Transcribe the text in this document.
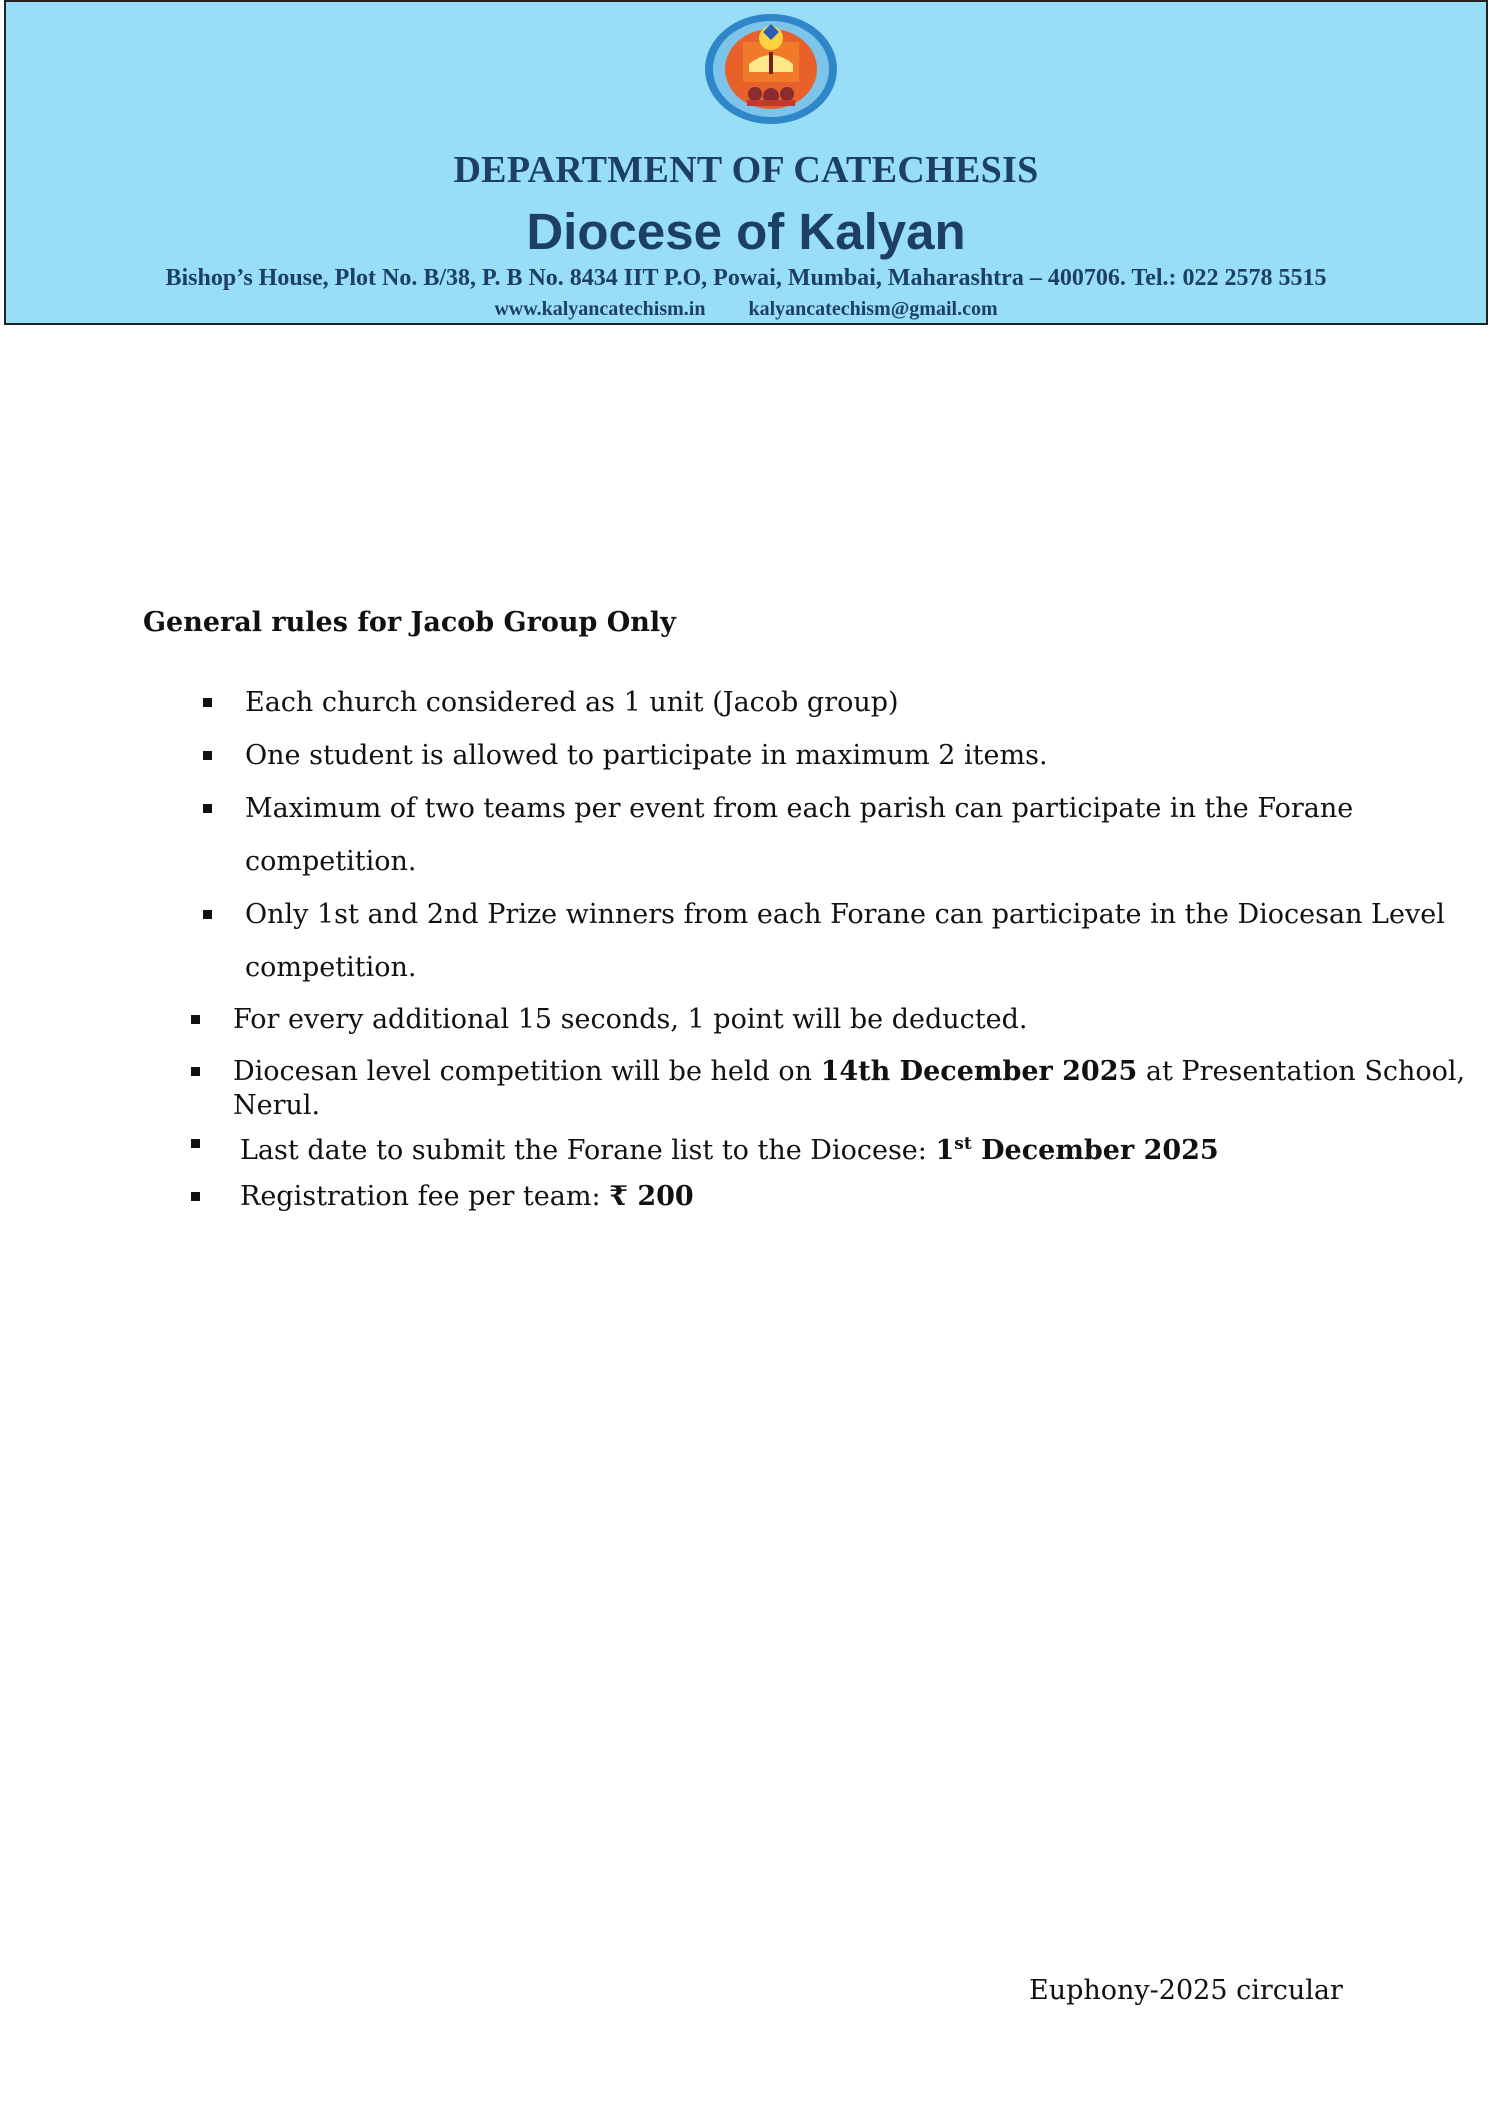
DEPARTMENT OF CATECHESIS
Diocese of Kalyan
Bishop’s House, Plot No. B/38, P. B No. 8434 IIT P.O, Powai, Mumbai, Maharashtra – 400706. Tel.: 022 2578 5515
www.kalyancatechism.in kalyancatechism@gmail.com
General rules for Jacob Group Only
Each church considered as 1 unit (Jacob group)
One student is allowed to participate in maximum 2 items.
Maximum of two teams per event from each parish can participate in the Forane
competition.
Only 1st and 2nd Prize winners from each Forane can participate in the Diocesan Level
competition.
For every additional 15 seconds, 1 point will be deducted.
Diocesan level competition will be held on 14th December 2025 at Presentation School,
Nerul.
Last date to submit the Forane list to the Diocese: 1st December 2025
Registration fee per team: ₹ 200
Euphony-2025 circular
